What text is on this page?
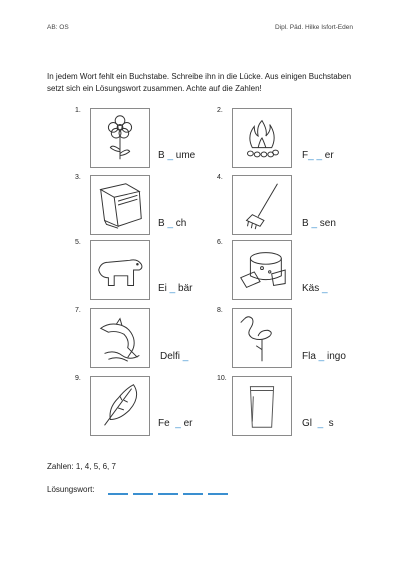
AB: OS	Dipl. Päd. Hilke Isfort-Eden
In jedem Wort fehlt ein Buchstabe. Schreibe ihn in die Lücke. Aus einigen Buchstaben setzt sich ein Lösungswort zusammen. Achte auf die Zahlen!
1.
B _ ume
2.
F_ _ er
3.
B _ ch
4.
B _ sen
5.
Ei _ bär
6.
Käs _
7.
Delfi _
8.
Fla _ ingo
9.
Fe  _ er
10.
Gl  _  s
Zahlen: 1, 4, 5, 6, 7
Lösungswort:
